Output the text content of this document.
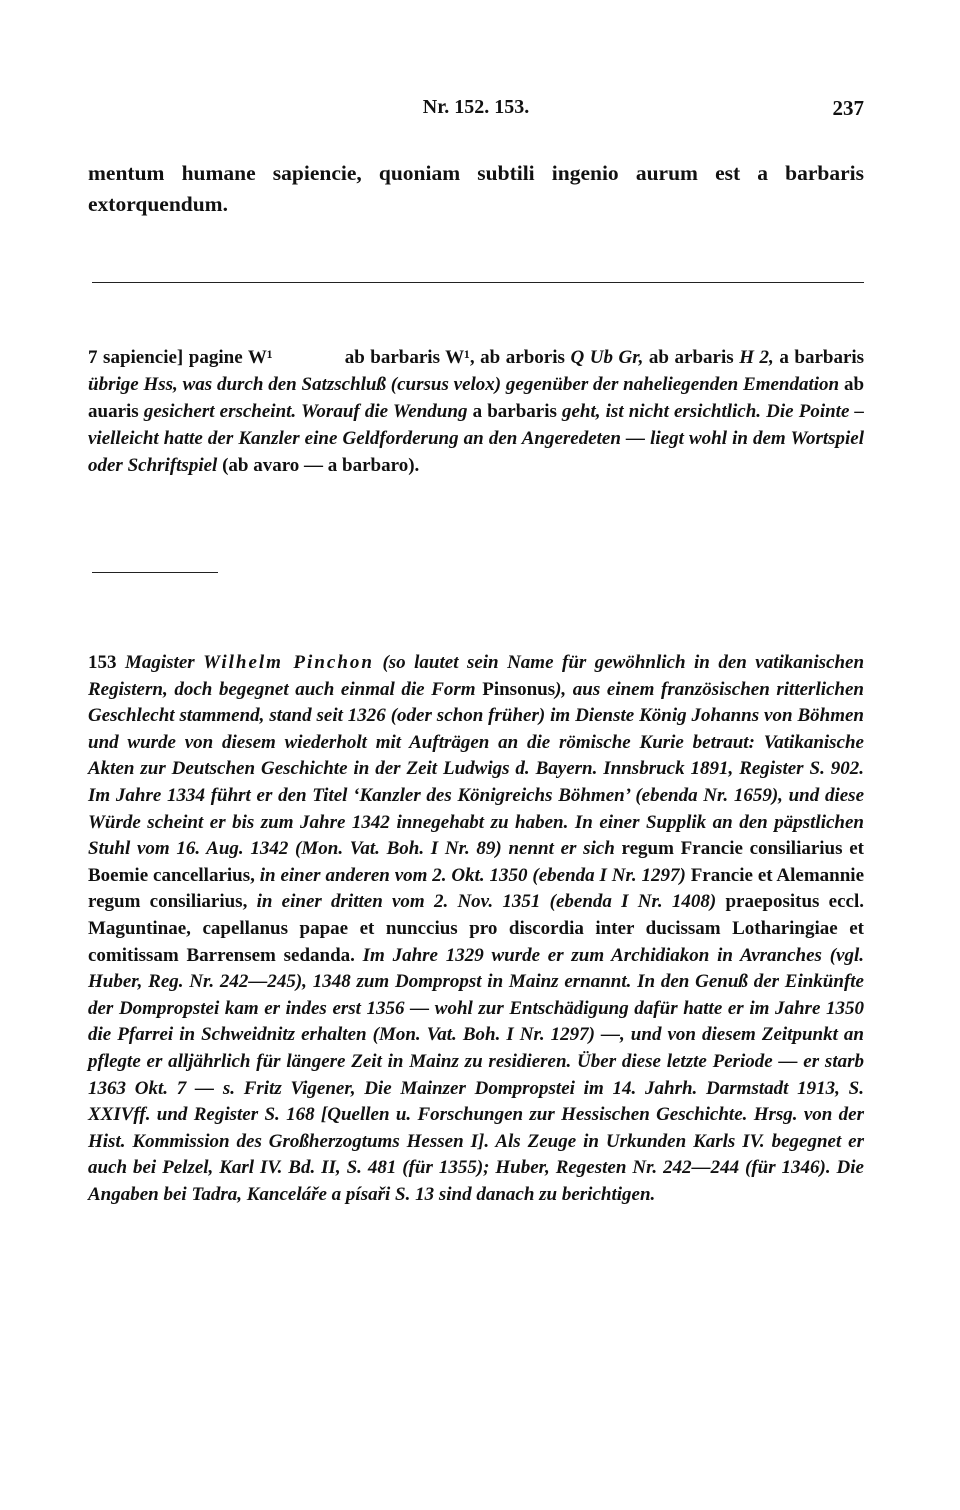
Nr. 152. 153.	237
mentum humane sapiencie, quoniam subtili ingenio aurum est a barbaris extorquendum.
7 sapiencie] pagine W¹	ab barbaris W¹, ab arboris Q Ub Gr, ab arbaris H 2, a barbaris übrige Hss, was durch den Satzschluß (cursus velox) gegenüber der naheliegenden Emendation ab auaris gesichert erscheint. Worauf die Wendung a barbaris geht, ist nicht ersichtlich. Die Pointe – vielleicht hatte der Kanzler eine Geldforderung an den Angeredeten — liegt wohl in dem Wortspiel oder Schriftspiel (ab avaro — a barbaro).
153 Magister Wilhelm Pinchon (so lautet sein Name für gewöhnlich in den vatikanischen Registern, doch begegnet auch einmal die Form Pinsonus), aus einem französischen ritterlichen Geschlecht stammend, stand seit 1326 (oder schon früher) im Dienste König Johanns von Böhmen und wurde von diesem wiederholt mit Aufträgen an die römische Kurie betraut: Vatikanische Akten zur Deutschen Geschichte in der Zeit Ludwigs d. Bayern. Innsbruck 1891, Register S. 902. Im Jahre 1334 führt er den Titel ‘Kanzler des Königreichs Böhmen’ (ebenda Nr. 1659), und diese Würde scheint er bis zum Jahre 1342 innegehabt zu haben. In einer Supplik an den päpstlichen Stuhl vom 16. Aug. 1342 (Mon. Vat. Boh. I Nr. 89) nennt er sich regum Francie consiliarius et Boemie cancellarius, in einer anderen vom 2. Okt. 1350 (ebenda I Nr. 1297) Francie et Alemannie regum consiliarius, in einer dritten vom 2. Nov. 1351 (ebenda I Nr. 1408) praepositus eccl. Maguntinae, capellanus papae et nunccius pro discordia inter ducissam Lotharingiae et comitissam Barrensem sedanda. Im Jahre 1329 wurde er zum Archidiakon in Avranches (vgl. Huber, Reg. Nr. 242—245), 1348 zum Dompropst in Mainz ernannt. In den Genuß der Einkünfte der Dompropstei kam er indes erst 1356 — wohl zur Entschädigung dafür hatte er im Jahre 1350 die Pfarrei in Schweidnitz erhalten (Mon. Vat. Boh. I Nr. 1297) —, und von diesem Zeitpunkt an pflegte er alljährlich für längere Zeit in Mainz zu residieren. Über diese letzte Periode — er starb 1363 Okt. 7 — s. Fritz Vigener, Die Mainzer Dompropstei im 14. Jahrh. Darmstadt 1913, S. XXIVff. und Register S. 168 [Quellen u. Forschungen zur Hessischen Geschichte. Hrsg. von der Hist. Kommission des Großherzogtums Hessen I]. Als Zeuge in Urkunden Karls IV. begegnet er auch bei Pelzel, Karl IV. Bd. II, S. 481 (für 1355); Huber, Regesten Nr. 242—244 (für 1346). Die Angaben bei Tadra, Kanceláře a písaři S. 13 sind danach zu berichtigen.
